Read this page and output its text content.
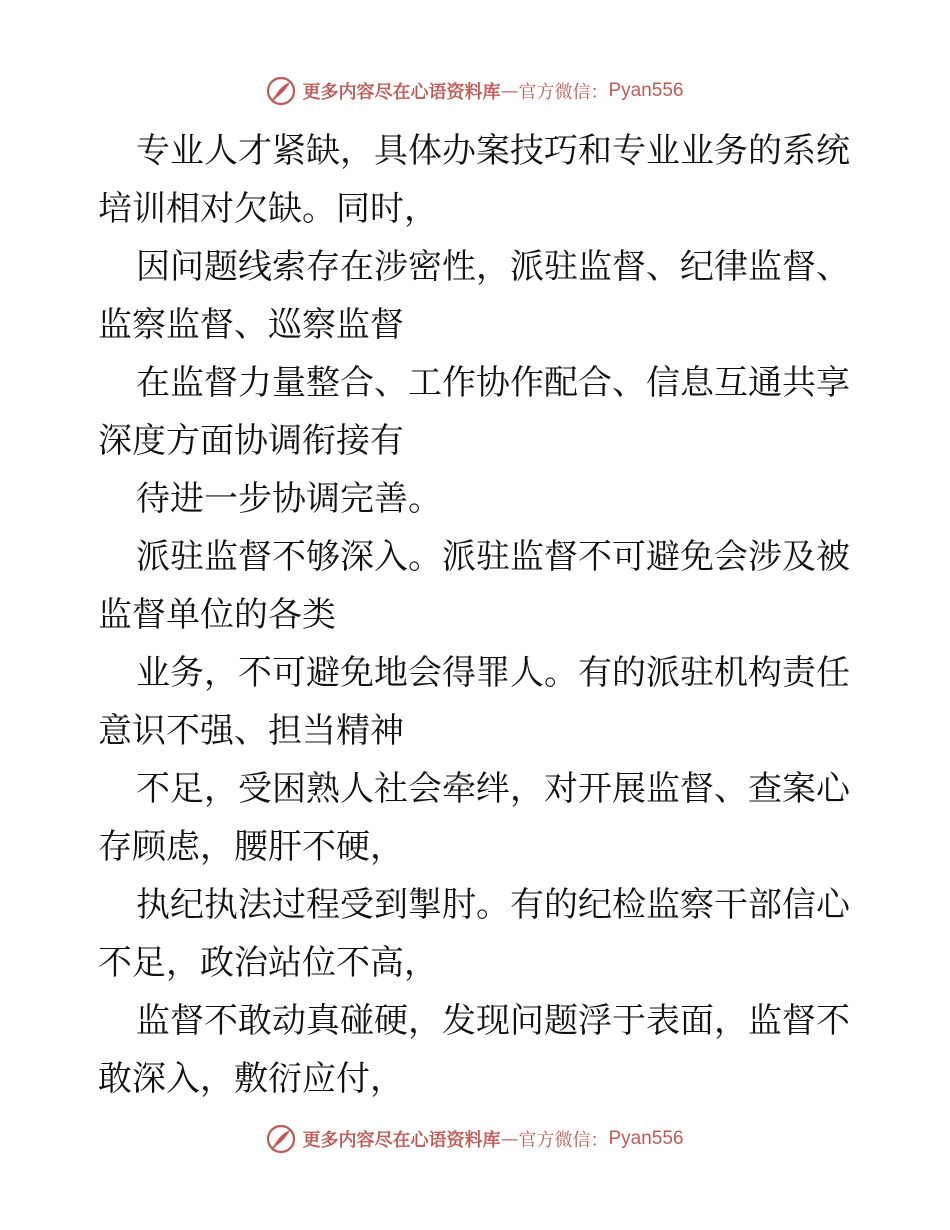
更多内容尽在心语资料库 — 官方微信： Pyan556

专业人才紧缺，具体办案技巧和专业业务的系统培训相对欠缺。同时，

因问题线索存在涉密性，派驻监督、纪律监督、监察监督、巡察监督

在监督力量整合、工作协作配合、信息互通共享深度方面协调衔接有

待进一步协调完善。

派驻监督不够深入。派驻监督不可避免会涉及被监督单位的各类

业务，不可避免地会得罪人。有的派驻机构责任意识不强、担当精神

不足，受困熟人社会牵绊，对开展监督、查案心存顾虑，腰肝不硬，

执纪执法过程受到掣肘。有的纪检监察干部信心不足，政治站位不高，

监督不敢动真碰硬，发现问题浮于表面，监督不敢深入，敷衍应付，

更多内容尽在心语资料库 — 官方微信： Pyan556
